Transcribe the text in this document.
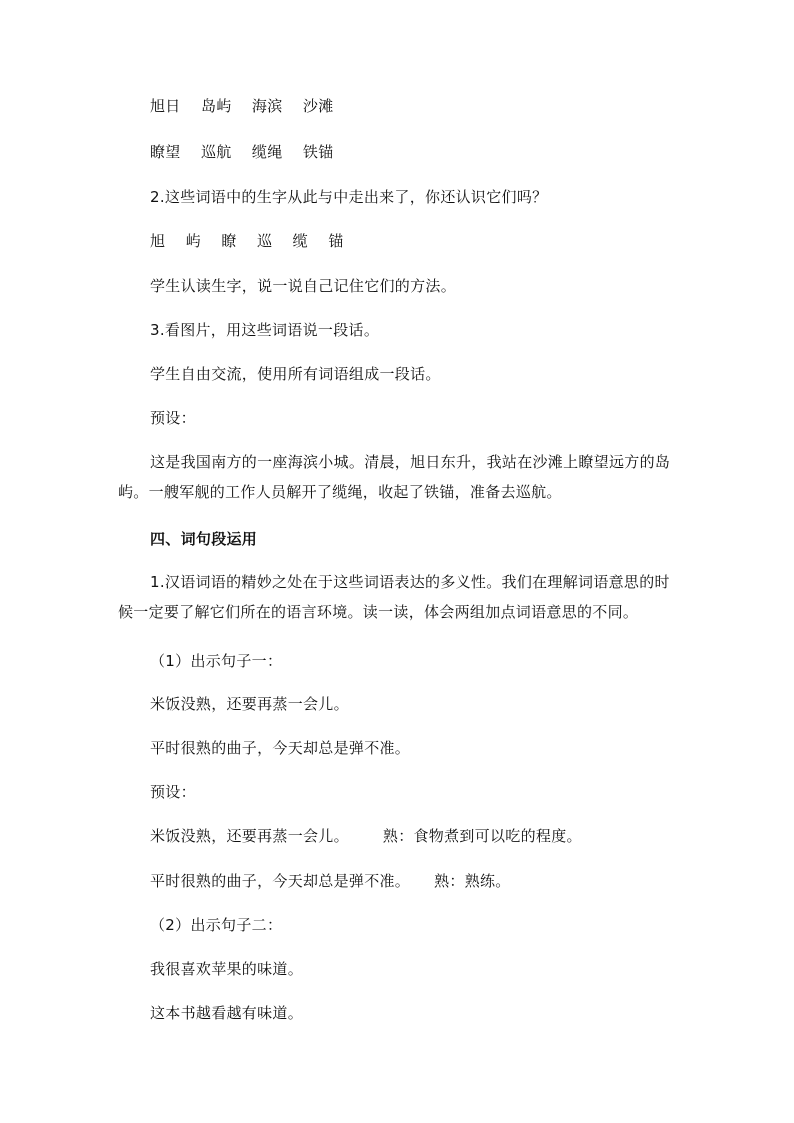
旭日　 岛屿　 海滨　 沙滩
瞭望　 巡航　 缆绳　 铁锚
2.这些词语中的生字从此与中走出来了，你还认识它们吗？
旭　 屿　 瞭　 巡　 缆　 锚
学生认读生字，说一说自己记住它们的方法。
3.看图片，用这些词语说一段话。
学生自由交流，使用所有词语组成一段话。
预设：
这是我国南方的一座海滨小城。清晨，旭日东升，我站在沙滩上瞭望远方的岛屿。一艘军舰的工作人员解开了缆绳，收起了铁锚，准备去巡航。
四、词句段运用
1.汉语词语的精妙之处在于这些词语表达的多义性。我们在理解词语意思的时候一定要了解它们所在的语言环境。读一读，体会两组加点词语意思的不同。
（1）出示句子一：
米饭没熟，还要再蒸一会儿。
平时很熟的曲子，今天却总是弹不准。
预设：
米饭没熟，还要再蒸一会儿。 熟：食物煮到可以吃的程度。
平时很熟的曲子，今天却总是弹不准。 熟：熟练。
（2）出示句子二：
我很喜欢苹果的味道。
这本书越看越有味道。
